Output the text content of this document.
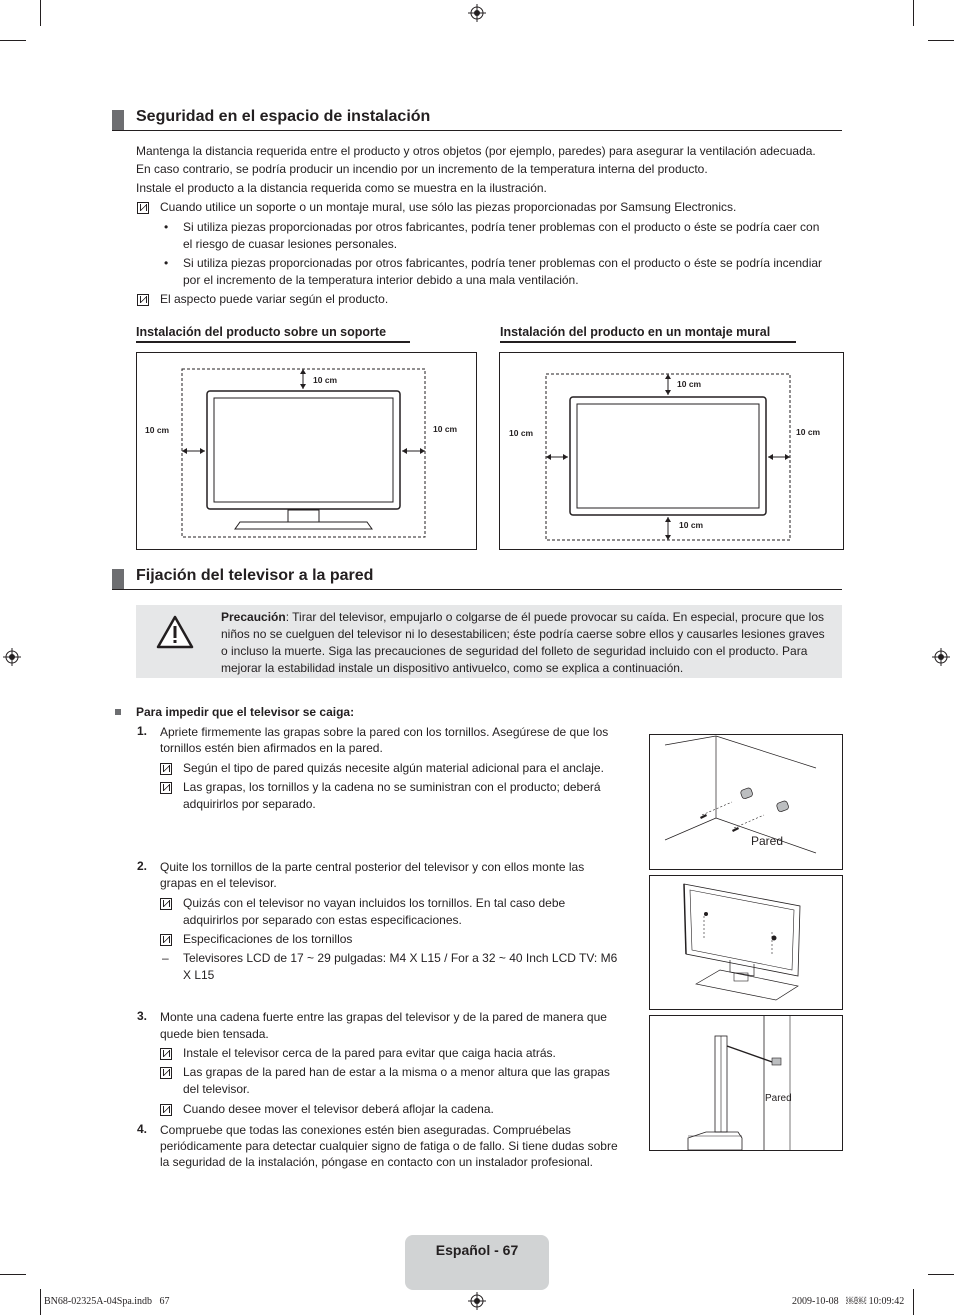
Seguridad en el espacio de instalación
Mantenga la distancia requerida entre el producto y otros objetos (por ejemplo, paredes) para asegurar la ventilación adecuada.
En caso contrario, se podría producir un incendio por un incremento de la temperatura interna del producto.
Instale el producto a la distancia requerida como se muestra en la ilustración.
Cuando utilice un soporte o un montaje mural, use sólo las piezas proporcionadas por Samsung Electronics.
• Si utiliza piezas proporcionadas por otros fabricantes, podría tener problemas con el producto o éste se podría caer con
el riesgo de cuasar lesiones personales.
• Si utiliza piezas proporcionadas por otros fabricantes, podría tener problemas con el producto o éste se podría incendiar
por el incremento de la temperatura interior debido a una mala ventilación.
El aspecto puede variar según el producto.
Instalación del producto sobre un soporte	Instalación del producto en un montaje mural
10 cm
10 cm	10 cm
10 cm
10 cm	10 cm
10 cm
Fijación del televisor a la pared
Precaución: Tirar del televisor, empujarlo o colgarse de él puede provocar su caída. En especial, procure que los
niños no se cuelguen del televisor ni lo desestabilicen; éste podría caerse sobre ellos y causarles lesiones graves
o incluso la muerte. Siga las precauciones de seguridad del folleto de seguridad incluido con el producto. Para
mejorar la estabilidad instale un dispositivo antivuelco, como se explica a continuación.
Para impedir que el televisor se caiga:
1. Apriete firmemente las grapas sobre la pared con los tornillos. Asegúrese de que los
tornillos estén bien afirmados en la pared.
Según el tipo de pared quizás necesite algún material adicional para el anclaje.
Las grapas, los tornillos y la cadena no se suministran con el producto; deberá
adquirirlos por separado.
2. Quite los tornillos de la parte central posterior del televisor y con ellos monte las
grapas en el televisor.
Quizás con el televisor no vayan incluidos los tornillos. En tal caso debe
adquirirlos por separado con estas especificaciones.
Especificaciones de los tornillos
– Televisores LCD de 17 ~ 29 pulgadas: M4 X L15 / For a 32 ~ 40 Inch LCD TV: M6
X L15
3. Monte una cadena fuerte entre las grapas del televisor y de la pared de manera que
quede bien tensada.
Instale el televisor cerca de la pared para evitar que caiga hacia atrás.
Las grapas de la pared han de estar a la misma o a menor altura que las grapas
del televisor.
Cuando desee mover el televisor deberá aflojar la cadena.
4. Compruebe que todas las conexiones estén bien aseguradas. Compruébelas
periódicamente para detectar cualquier signo de fatiga o de fallo. Si tiene dudas sobre
la seguridad de la instalación, póngase en contacto con un instalador profesional.
Pared
Pared
Español - 67
BN68-02325A-04Spa.indb   67	2009-10-08   ￼￼ 10:09:42
